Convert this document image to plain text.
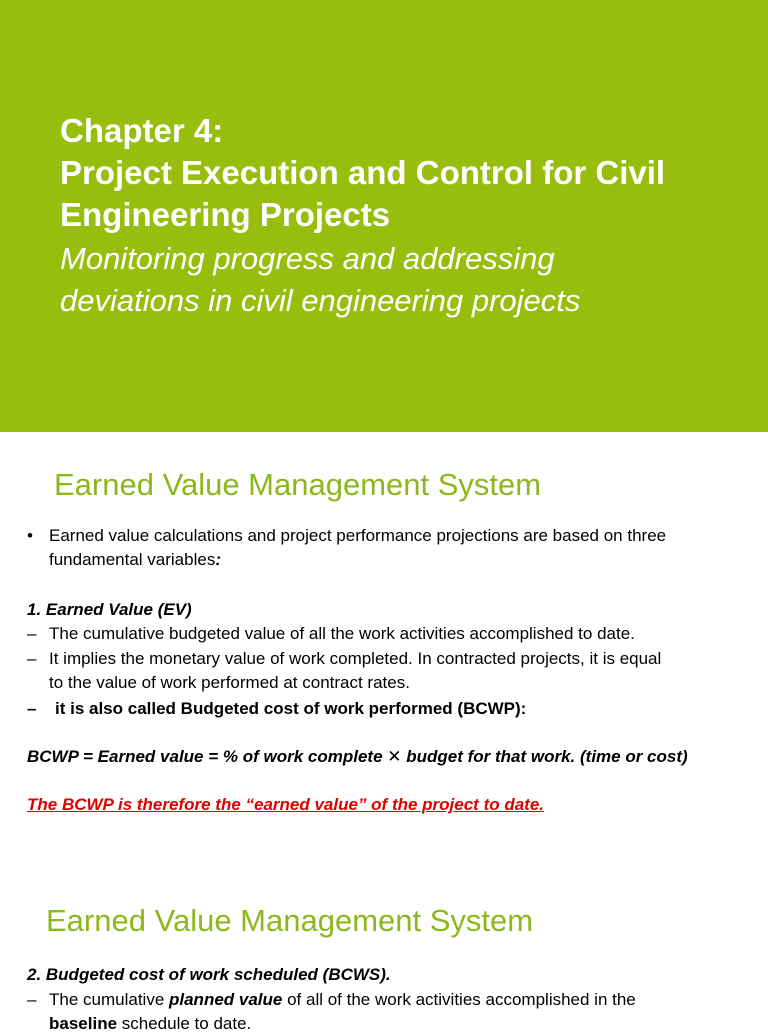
Chapter 4:
Project Execution and Control for Civil
Engineering Projects

Monitoring progress and addressing
deviations in civil engineering projects

Earned Value Management System
• Earned value calculations and project performance projections are based on three fundamental variables:
1. Earned Value (EV)
– The cumulative budgeted value of all the work activities accomplished to date.
– It implies the monetary value of work completed. In contracted projects, it is equal
to the value of work performed at contract rates.
–	it is also called Budgeted cost of work performed (BCWP):
BCWP = Earned value = % of work complete ✕ budget for that work. (time or cost)
The BCWP is therefore the “earned value” of the project to date.
Earned Value Management System
2. Budgeted cost of work scheduled (BCWS).
– The cumulative planned value of all of the work activities accomplished in the
baseline schedule to date.
